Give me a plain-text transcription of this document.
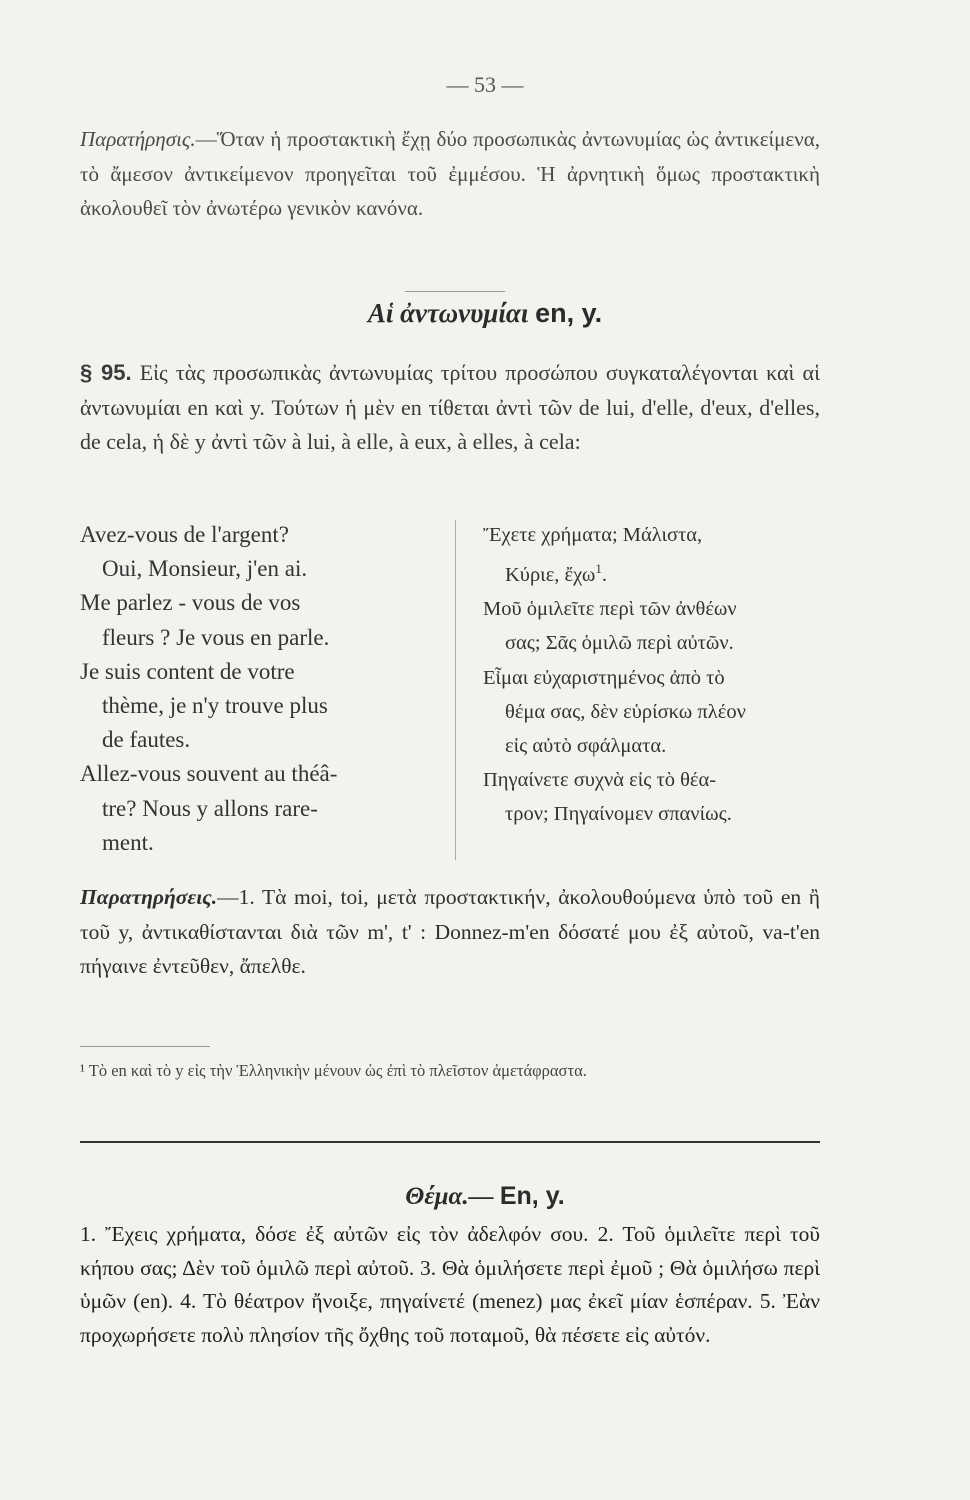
— 53 —
Παρατήρησις.—Ὅταν ἡ προστακτικὴ ἔχῃ δύο προσωπικὰς ἀντωνυμίας ὡς ἀντικείμενα, τὸ ἄμεσον ἀντικείμενον προηγεῖται τοῦ ἐμμέσου. Ἡ ἀρνητικὴ ὅμως προστακτικὴ ἀκολουθεῖ τὸν ἀνωτέρω γενικὸν κανόνα.
Αἱ ἀντωνυμίαι en, y.
§ 95. Εἰς τὰς προσωπικὰς ἀντωνυμίας τρίτου προσώπου συγκαταλέγονται καὶ αἱ ἀντωνυμίαι en καὶ y. Τούτων ἡ μὲν en τίθεται ἀντὶ τῶν de lui, d'elle, d'eux, d'elles, de cela, ἡ δὲ y ἀντὶ τῶν à lui, à elle, à eux, à elles, à cela:
Avez-vous de l'argent?
Oui, Monsieur, j'en ai.
Me parlez - vous de vos
fleurs ? Je vous en parle.
Je suis content de votre
thème, je n'y trouve plus
de fautes.
Allez-vous souvent au théâ-
tre? Nous y allons rare-
ment.
Ἔχετε χρήματα; Μάλιστα,
Κύριε, ἔχω$^1$.
Μοῦ ὁμιλεῖτε περὶ τῶν ἀνθέων
σας; Σᾶς ὁμιλῶ περὶ αὐτῶν.
Εἶμαι εὐχαριστημένος ἀπὸ τὸ
θέμα σας, δὲν εὑρίσκω πλέον
εἰς αὐτὸ σφάλματα.
Πηγαίνετε συχνὰ εἰς τὸ θέα-
τρον; Πηγαίνομεν σπανίως.
Παρατηρήσεις.—1. Τὰ moi, toi, μετὰ προστακτικήν, ἀκολουθούμενα ὑπὸ τοῦ en ἢ τοῦ y, ἀντικαθίστανται διὰ τῶν m', t' : Donnez-m'en δόσατέ μου ἐξ αὐτοῦ, va-t'en πήγαινε ἐντεῦθεν, ἄπελθε.
¹ Τὸ en καὶ τὸ y εἰς τὴν Ἑλληνικὴν μένουν ὡς ἐπὶ τὸ πλεῖστον ἀμετάφραστα.
Θέμα.— En, y.
1. Ἔχεις χρήματα, δόσε ἐξ αὐτῶν εἰς τὸν ἀδελφόν σου. 2. Τοῦ ὁμιλεῖτε περὶ τοῦ κήπου σας; Δὲν τοῦ ὁμιλῶ περὶ αὐτοῦ. 3. Θὰ ὁμιλήσετε περὶ ἐμοῦ ; Θὰ ὁμιλήσω περὶ ὑμῶν (en). 4. Τὸ θέατρον ἤνοιξε, πηγαίνετέ (menez) μας ἐκεῖ μίαν ἑσπέραν. 5. Ἐὰν προχωρήσετε πολὺ πλησίον τῆς ὄχθης τοῦ ποταμοῦ, θὰ πέσετε εἰς αὐτόν.
